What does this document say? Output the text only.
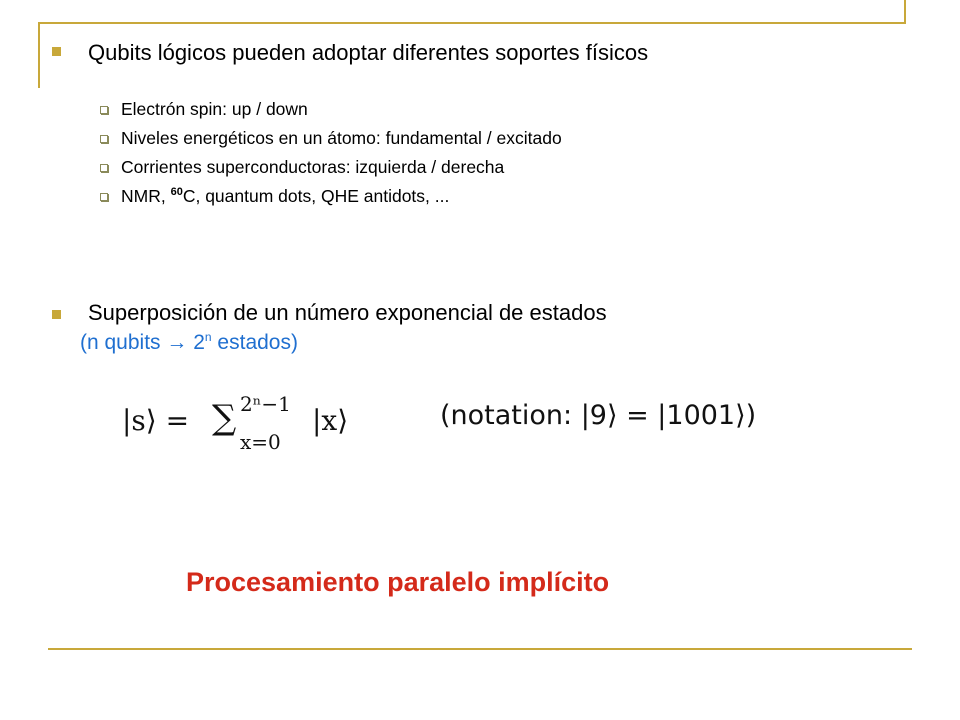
Qubits lógicos pueden adoptar diferentes soportes físicos
Electrón spin: up / down
Niveles energéticos en un átomo: fundamental / excitado
Corrientes superconductoras: izquierda / derecha
NMR, $^{60}$C, quantum dots, QHE antidots, ...
Superposición de un número exponencial de estados
(n qubits → $2^n$ estados)
|s⟩ = ∑ 2ⁿ−1
x=0
|x⟩	(notation: |9⟩ = |1001⟩)
Procesamiento paralelo implícito
